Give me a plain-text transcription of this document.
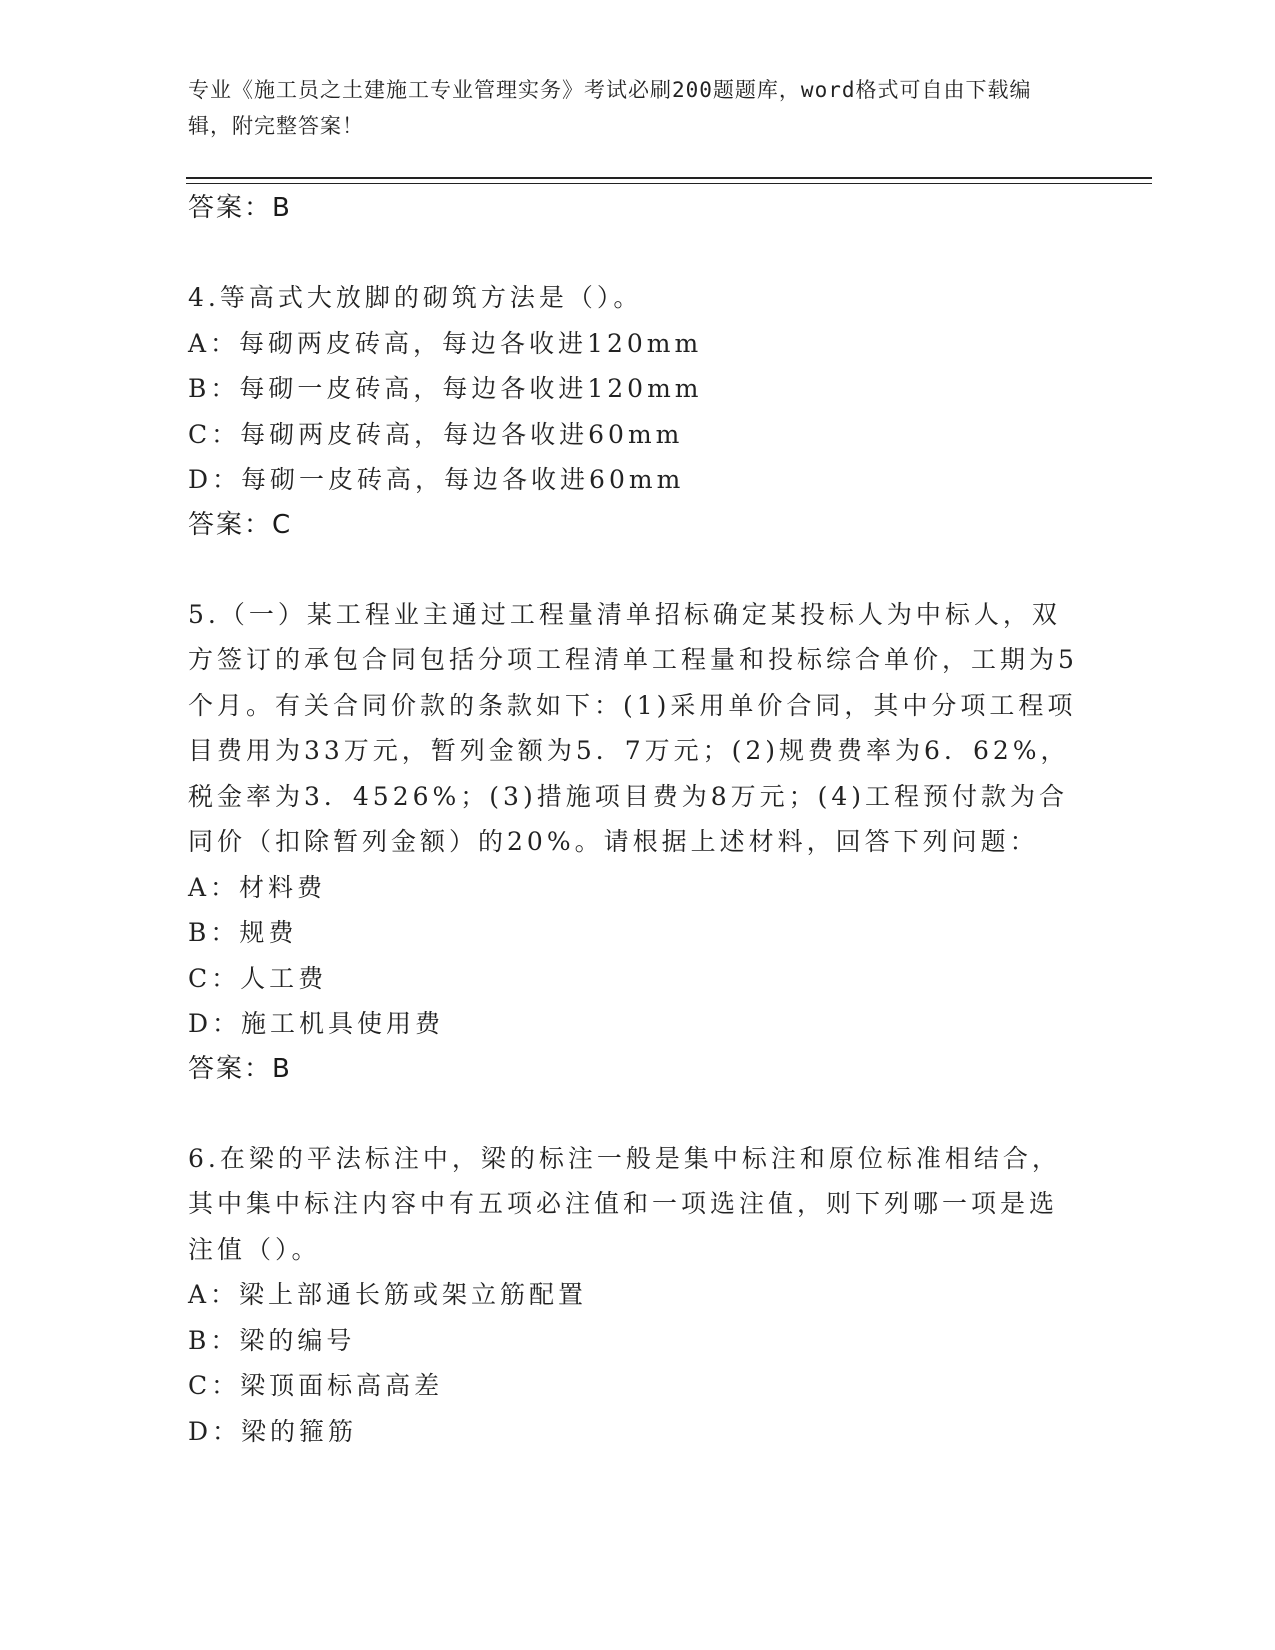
专业《施工员之土建施工专业管理实务》考试必刷200题题库，word格式可自由下载编辑，附完整答案！
答案：B
4.等高式大放脚的砌筑方法是（）。
A：每砌两皮砖高，每边各收进120mm
B：每砌一皮砖高，每边各收进120mm
C：每砌两皮砖高，每边各收进60mm
D：每砌一皮砖高，每边各收进60mm
答案：C
5.（一）某工程业主通过工程量清单招标确定某投标人为中标人，双方签订的承包合同包括分项工程清单工程量和投标综合单价，工期为5个月。有关合同价款的条款如下：(1)采用单价合同，其中分项工程项目费用为33万元，暂列金额为5．7万元；(2)规费费率为6．62%，税金率为3．4526%；(3)措施项目费为8万元；(4)工程预付款为合同价（扣除暂列金额）的20%。请根据上述材料，回答下列问题：
A：材料费
B：规费
C：人工费
D：施工机具使用费
答案：B
6.在梁的平法标注中，梁的标注一般是集中标注和原位标准相结合，其中集中标注内容中有五项必注值和一项选注值，则下列哪一项是选注值（）。
A：梁上部通长筋或架立筋配置
B：梁的编号
C：梁顶面标高高差
D：梁的箍筋
